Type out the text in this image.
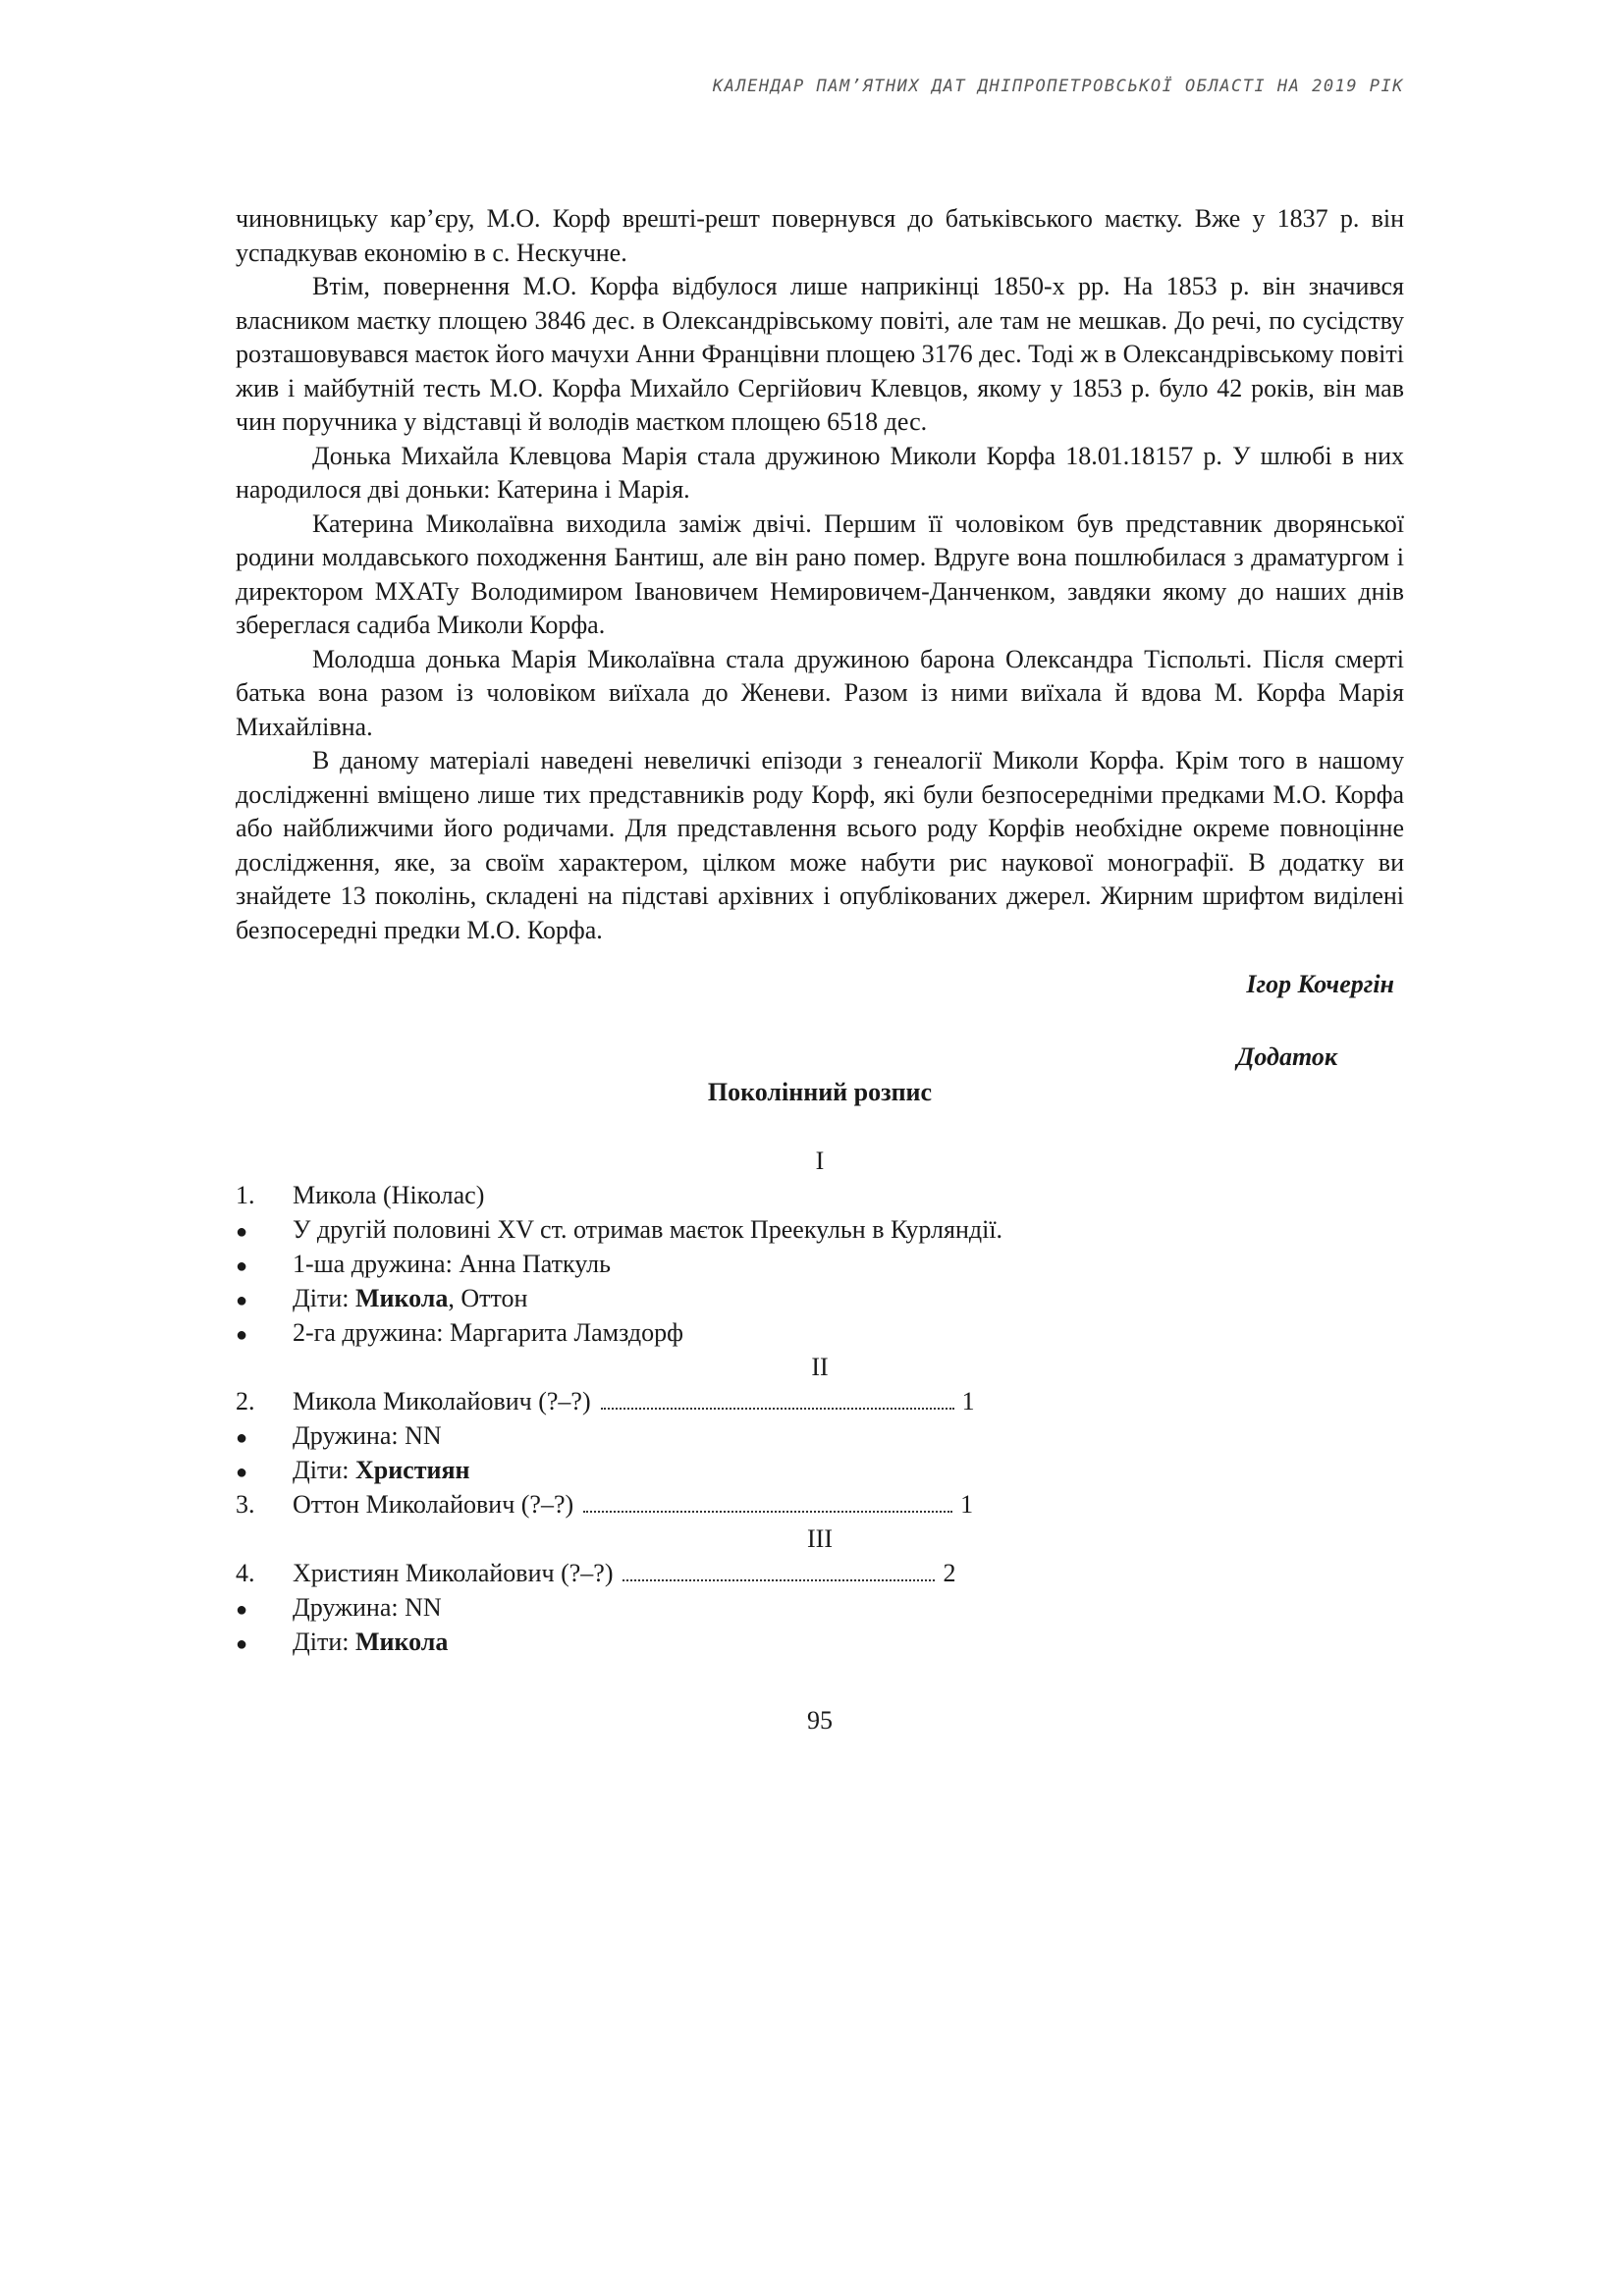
КАЛЕНДАР ПАМ’ЯТНИХ ДАТ ДНІПРОПЕТРОВСЬКОЇ ОБЛАСТІ НА 2019 РІК

чиновницьку кар’єру, М.О. Корф врешті-решт повернувся до батьківського маєтку. Вже у 1837 р. він успадкував економію в с. Нескучне.

Втім, повернення М.О. Корфа відбулося лише наприкінці 1850-х рр. На 1853 р. він значився власником маєтку площею 3846 дес. в Олександрівському повіті, але там не мешкав. До речі, по сусідству розташовувався маєток його мачухи Анни Францівни площею 3176 дес. Тоді ж в Олександрівському повіті жив і майбутній тесть М.О. Корфа Михайло Сергійович Клевцов, якому у 1853 р. було 42 років, він мав чин поручника у відставці й володів маєтком площею 6518 дес.

Донька Михайла Клевцова Марія стала дружиною Миколи Корфа 18.01.18157 р. У шлюбі в них народилося дві доньки: Катерина і Марія.

Катерина Миколаївна виходила заміж двічі. Першим її чоловіком був представник дворянської родини молдавського походження Бантиш, але він рано помер. Вдруге вона пошлюбилася з драматургом і директором МХАТу Володимиром Івановичем Немировичем-Данченком, завдяки якому до наших днів збереглася садиба Миколи Корфа.

Молодша донька Марія Миколаївна стала дружиною барона Олександра Тіспольті. Після смерті батька вона разом із чоловіком виїхала до Женеви. Разом із ними виїхала й вдова М. Корфа Марія Михайлівна.

В даному матеріалі наведені невеличкі епізоди з генеалогії Миколи Корфа. Крім того в нашому дослідженні вміщено лише тих представників роду Корф, які були безпосередніми предками М.О. Корфа або найближчими його родичами. Для представлення всього роду Корфів необхідне окреме повноцінне дослідження, яке, за своїм характером, цілком може набути рис наукової монографії. В додатку ви знайдете 13 поколінь, складені на підставі архівних і опублікованих джерел. Жирним шрифтом виділені безпосередні предки М.О. Корфа.

Ігор Кочергін
Додаток
Поколінний розпис
I
1.	Микола (Ніколас)
●	У другій половині XV ст. отримав маєток Преекульн в Курляндії.
●	1-ша дружина: Анна Паткуль
●	Діти: Микола, Оттон
●	2-га дружина: Маргарита Ламздорф
II
2.	Микола Миколайович (?–?)	1
●	Дружина: NN
●	Діти: Християн
3.	Оттон Миколайович (?–?)	1
III
4.	Християн Миколайович (?–?)	2
●	Дружина: NN
●	Діти: Микола
95
